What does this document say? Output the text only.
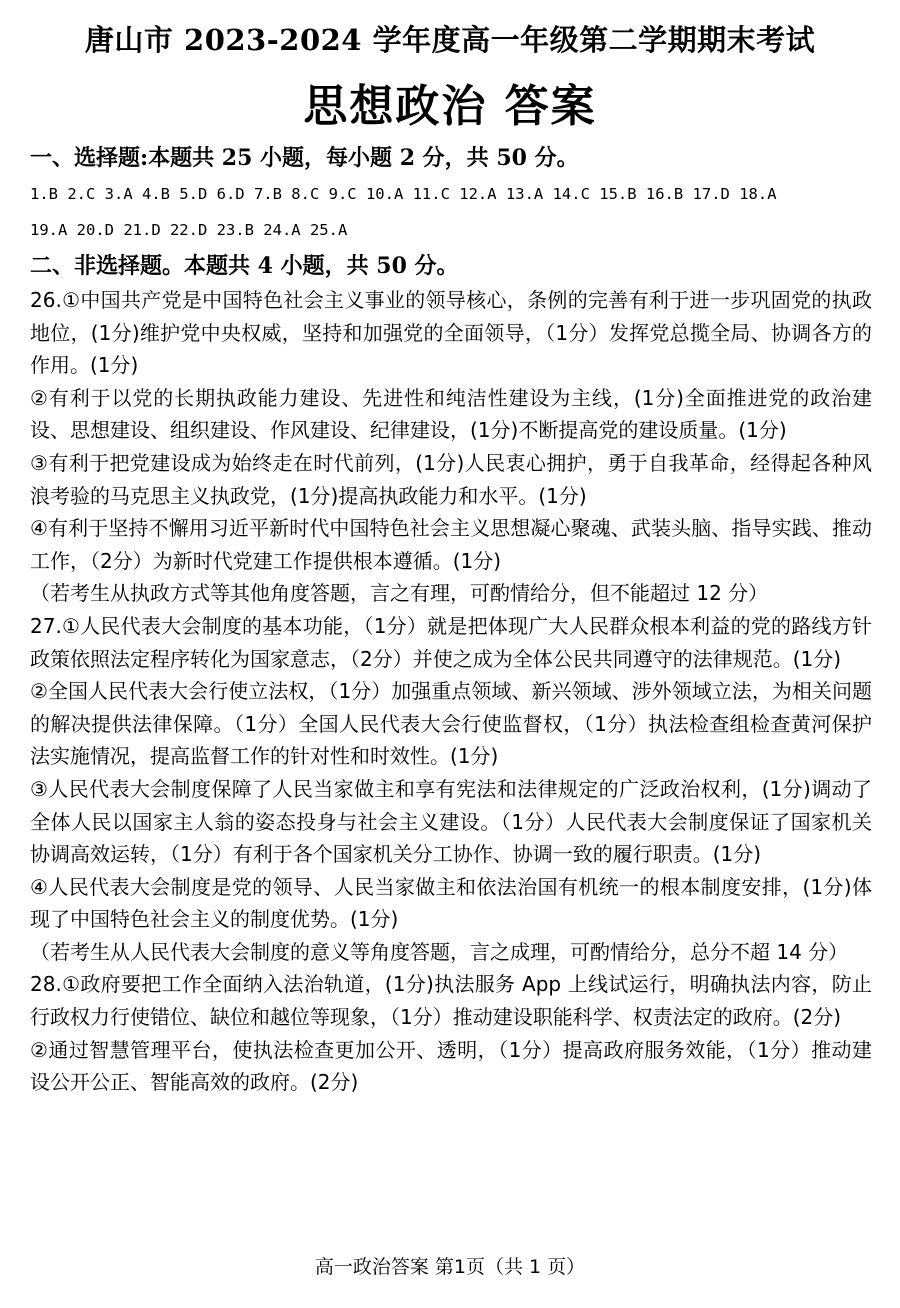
唐山市 2023-2024 学年度高一年级第二学期期末考试
思想政治 答案
一、选择题:本题共 25 小题，每小题 2 分，共 50 分。
1.B 2.C 3.A 4.B 5.D 6.D 7.B 8.C 9.C 10.A 11.C 12.A 13.A 14.C 15.B 16.B 17.D 18.A
19.A 20.D 21.D 22.D 23.B 24.A 25.A
二、非选择题。本题共 4 小题，共 50 分。

26.①中国共产党是中国特色社会主义事业的领导核心，条例的完善有利于进一步巩固党的执政地位，(1分)维护党中央权威，坚持和加强党的全面领导，（1分）发挥党总揽全局、协调各方的作用。(1分)

②有利于以党的长期执政能力建设、先进性和纯洁性建设为主线，(1分)全面推进党的政治建设、思想建设、组织建设、作风建设、纪律建设，(1分)不断提高党的建设质量。(1分)

③有利于把党建设成为始终走在时代前列，(1分)人民衷心拥护，勇于自我革命，经得起各种风浪考验的马克思主义执政党，(1分)提高执政能力和水平。(1分)

④有利于坚持不懈用习近平新时代中国特色社会主义思想凝心聚魂、武装头脑、指导实践、推动工作，（2分）为新时代党建工作提供根本遵循。(1分)

（若考生从执政方式等其他角度答题，言之有理，可酌情给分，但不能超过 12 分）

27.①人民代表大会制度的基本功能，（1分）就是把体现广大人民群众根本利益的党的路线方针政策依照法定程序转化为国家意志，（2分）并使之成为全体公民共同遵守的法律规范。(1分)

②全国人民代表大会行使立法权，（1分）加强重点领域、新兴领域、涉外领域立法，为相关问题的解决提供法律保障。（1分）全国人民代表大会行使监督权，（1分）执法检查组检查黄河保护法实施情况，提高监督工作的针对性和时效性。(1分)

③人民代表大会制度保障了人民当家做主和享有宪法和法律规定的广泛政治权利，(1分)调动了全体人民以国家主人翁的姿态投身与社会主义建设。（1分）人民代表大会制度保证了国家机关协调高效运转，（1分）有利于各个国家机关分工协作、协调一致的履行职责。(1分)

④人民代表大会制度是党的领导、人民当家做主和依法治国有机统一的根本制度安排，(1分)体现了中国特色社会主义的制度优势。(1分)

（若考生从人民代表大会制度的意义等角度答题，言之成理，可酌情给分，总分不超 14 分）

28.①政府要把工作全面纳入法治轨道，(1分)执法服务 App 上线试运行，明确执法内容，防止行政权力行使错位、缺位和越位等现象，（1分）推动建设职能科学、权责法定的政府。(2分)

②通过智慧管理平台，使执法检查更加公开、透明，（1分）提高政府服务效能，（1分）推动建设公开公正、智能高效的政府。(2分)

高一政治答案 第1页（共 1 页）
